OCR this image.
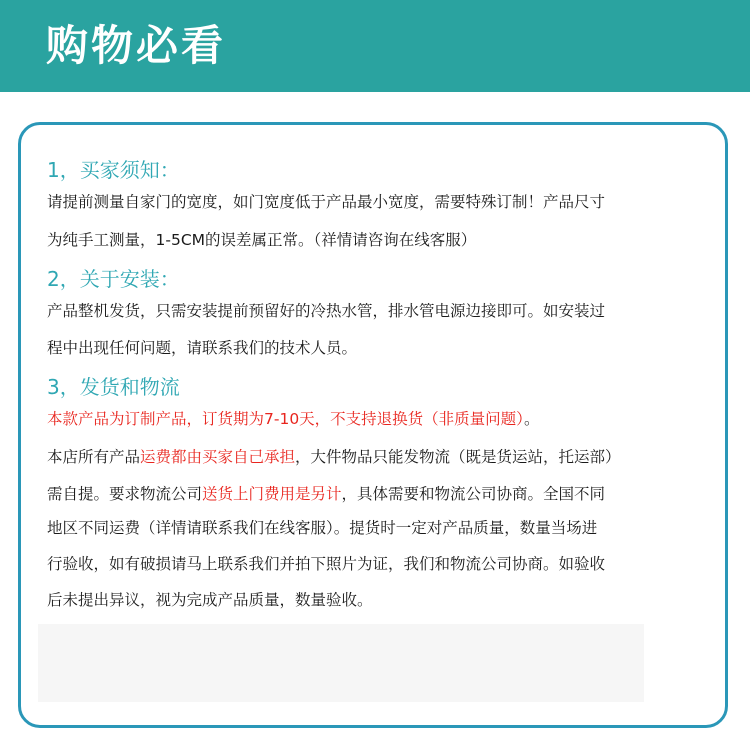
购物必看
1，买家须知：
请提前测量自家门的宽度，如门宽度低于产品最小宽度，需要特殊订制！产品尺寸
为纯手工测量，1-5CM的误差属正常。（祥情请咨询在线客服）
2，关于安装：
产品整机发货，只需安装提前预留好的冷热水管，排水管电源边接即可。如安装过
程中出现任何问题，请联系我们的技术人员。
3，发货和物流
本款产品为订制产品，订货期为7-10天，不支持退换货（非质量问题）。
本店所有产品运费都由买家自己承担，大件物品只能发物流（既是货运站，托运部）
需自提。要求物流公司送货上门费用是另计，具体需要和物流公司协商。全国不同
地区不同运费（详情请联系我们在线客服）。提货时一定对产品质量，数量当场进
行验收，如有破损请马上联系我们并拍下照片为证，我们和物流公司协商。如验收
后未提出异议，视为完成产品质量，数量验收。
